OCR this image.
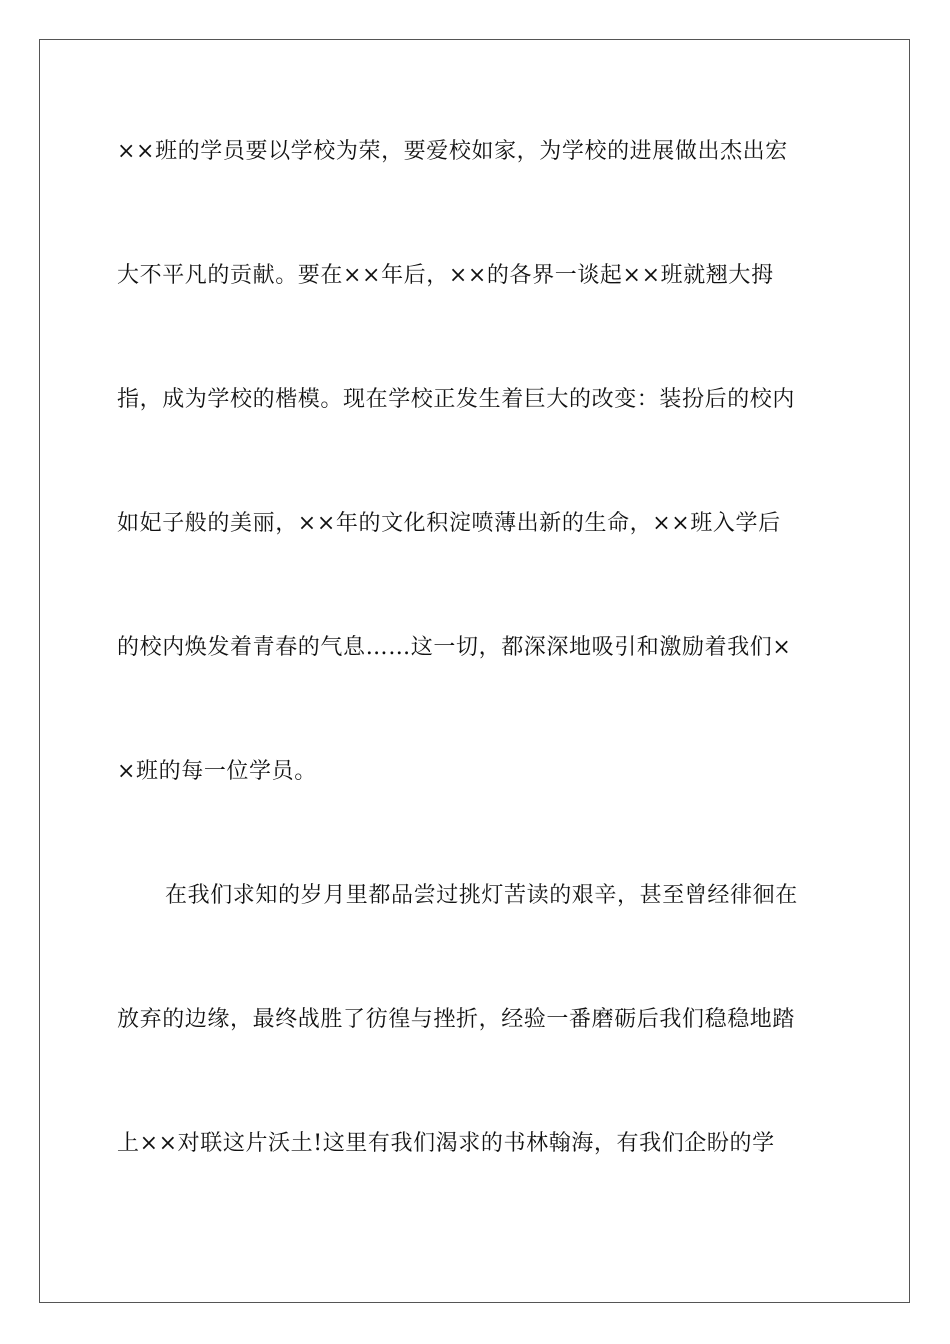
××班的学员要以学校为荣，要爱校如家，为学校的进展做出杰出宏
大不平凡的贡献。要在××年后，××的各界一谈起××班就翘大拇
指，成为学校的楷模。现在学校正发生着巨大的改变：装扮后的校内
如妃子般的美丽，××年的文化积淀喷薄出新的生命，××班入学后
的校内焕发着青春的气息……这一切，都深深地吸引和激励着我们×
×班的每一位学员。
在我们求知的岁月里都品尝过挑灯苦读的艰辛，甚至曾经徘徊在
放弃的边缘，最终战胜了彷徨与挫折，经验一番磨砺后我们稳稳地踏
上××对联这片沃土!这里有我们渴求的书林翰海，有我们企盼的学
